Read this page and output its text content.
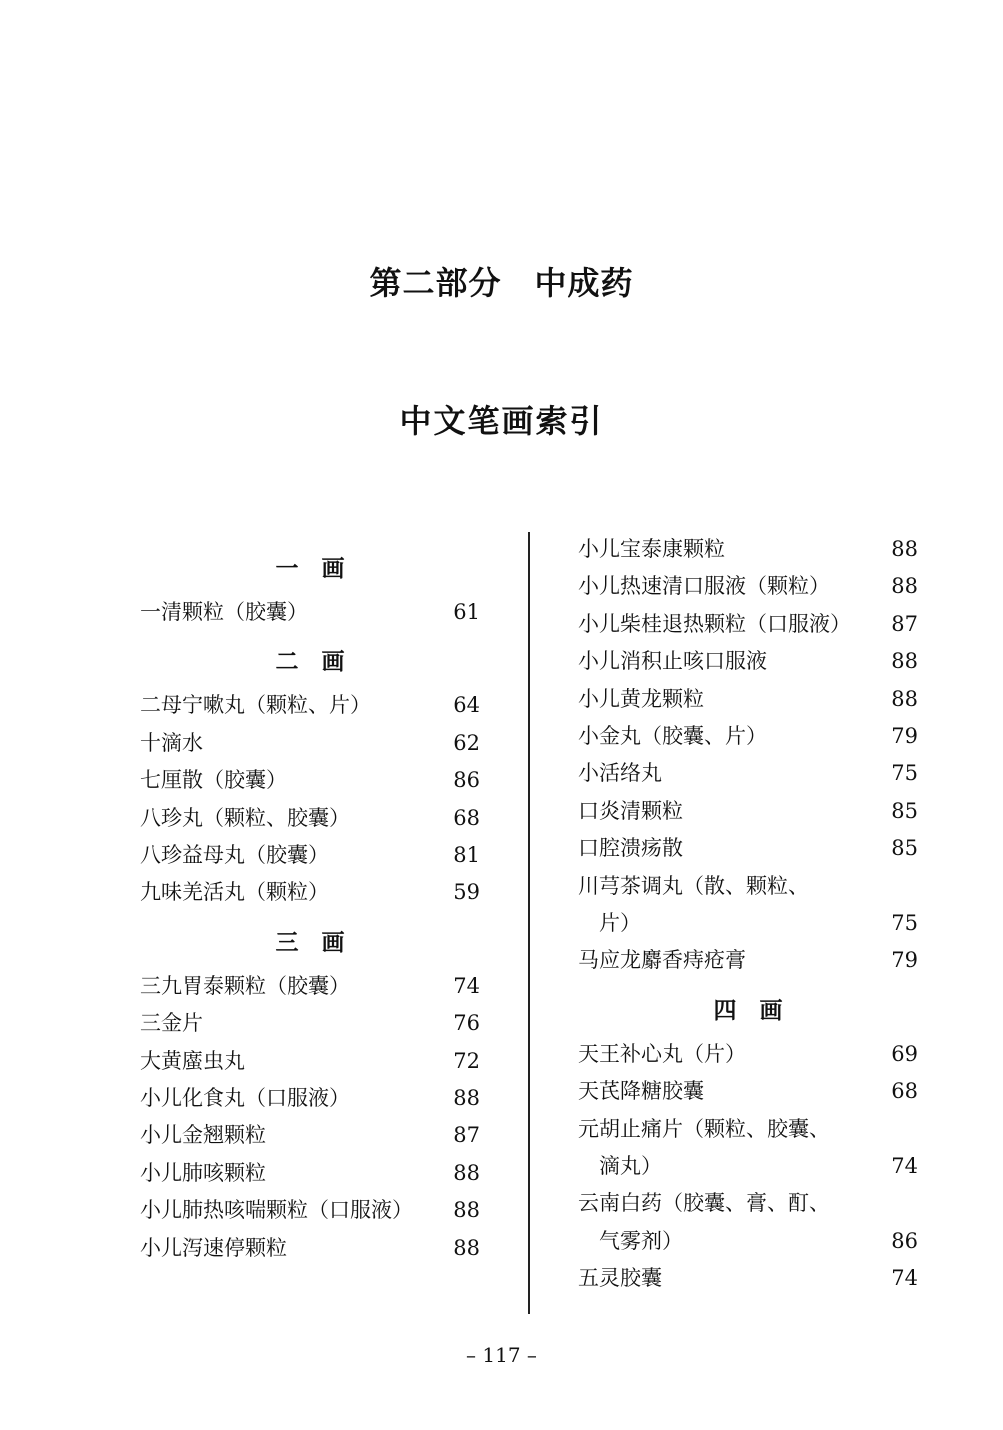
第二部分　中成药
中文笔画索引
一　画
一清颗粒（胶囊）	61
二　画
二母宁嗽丸（颗粒、片）	64
十滴水	62
七厘散（胶囊）	86
八珍丸（颗粒、胶囊）	68
八珍益母丸（胶囊）	81
九味羌活丸（颗粒）	59
三　画
三九胃泰颗粒（胶囊）	74
三金片	76
大黄䗪虫丸	72
小儿化食丸（口服液）	88
小儿金翘颗粒	87
小儿肺咳颗粒	88
小儿肺热咳喘颗粒（口服液） 88
小儿泻速停颗粒	88
小儿宝泰康颗粒	88
小儿热速清口服液（颗粒）	88
小儿柴桂退热颗粒（口服液） 87
小儿消积止咳口服液	88
小儿黄龙颗粒	88
小金丸（胶囊、片）	79
小活络丸	75
口炎清颗粒	85
口腔溃疡散	85
川芎茶调丸（散、颗粒、
片）	75
马应龙麝香痔疮膏	79
四　画
天王补心丸（片）	69
天芪降糖胶囊	68
元胡止痛片（颗粒、胶囊、
滴丸）	74
云南白药（胶囊、膏、酊、
气雾剂）	86
五灵胶囊	74
– 117 –
